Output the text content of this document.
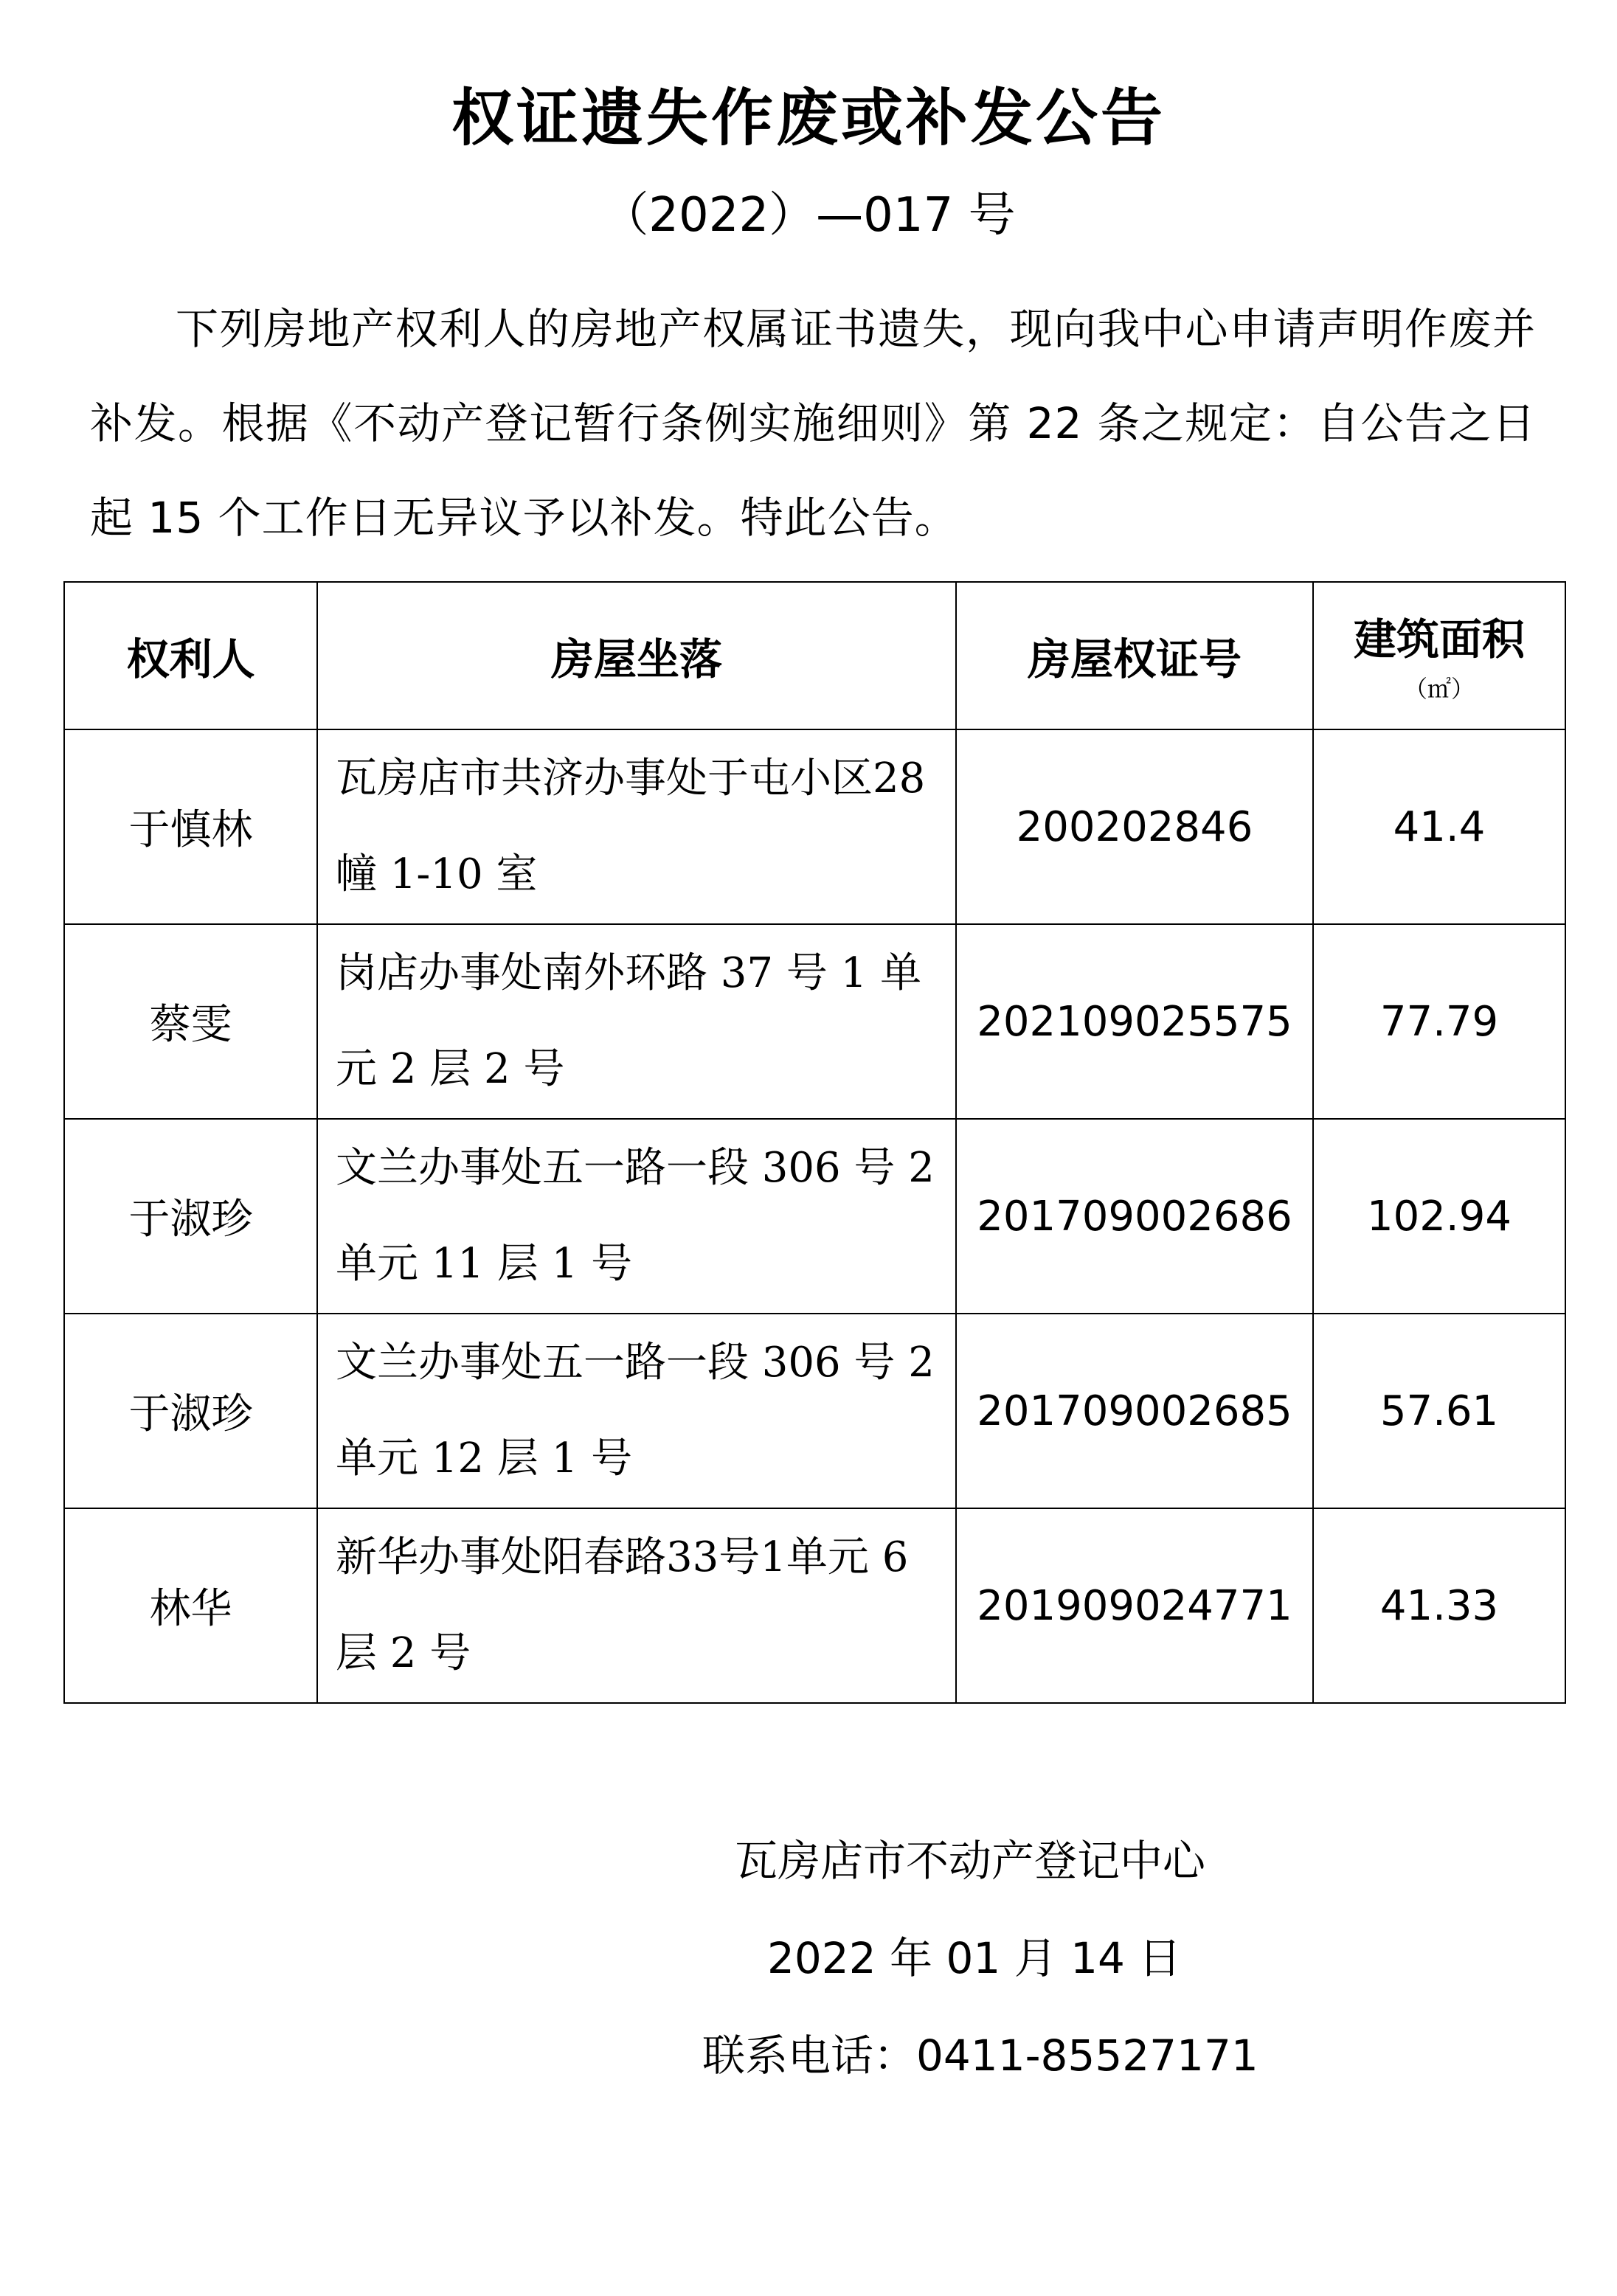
权证遗失作废或补发公告
（2022）—017 号
下列房地产权利人的房地产权属证书遗失，现向我中心申请声明作废并补发。根据《不动产登记暂行条例实施细则》第 22 条之规定：自公告之日起 15 个工作日无异议予以补发。特此公告。
权利人	房屋坐落	房屋权证号	建筑面积
（㎡）

于慎林	瓦房店市共济办事处于屯小区28 幢 1-10 室	200202846	41.4
蔡雯	岗店办事处南外环路 37 号 1 单元 2 层 2 号	202109025575	77.79
于淑珍	文兰办事处五一路一段 306 号 2 单元 11 层 1 号	201709002686	102.94
于淑珍	文兰办事处五一路一段 306 号 2 单元 12 层 1 号	201709002685	57.61
林华	新华办事处阳春路33号1单元 6 层 2 号	201909024771	41.33
瓦房店市不动产登记中心
2022 年 01 月 14 日
联系电话：0411-85527171
